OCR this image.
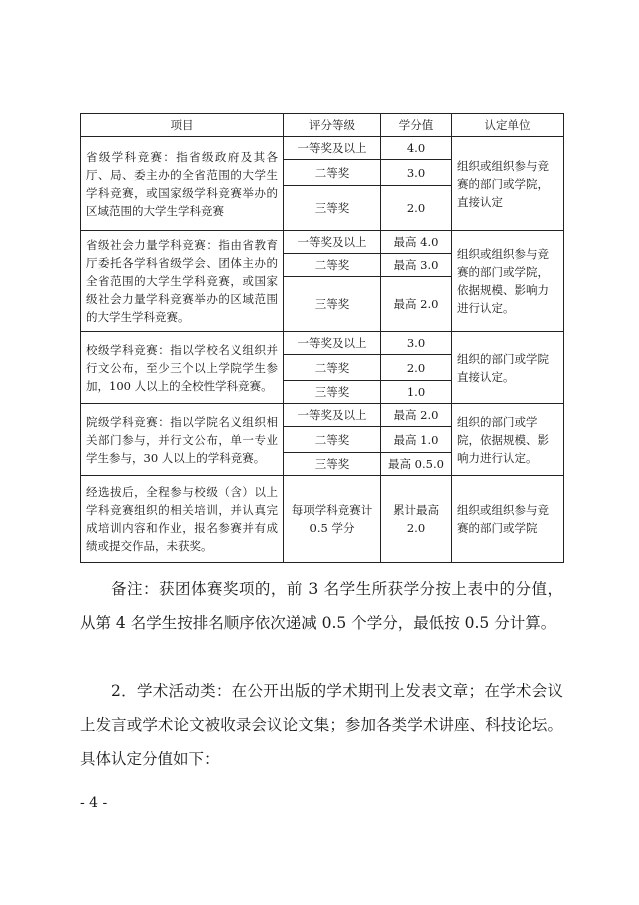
项目	评分等级	学分值	认定单位
省级学科竞赛：指省级政府及其各厅、局、委主办的全省范围的大学生学科竞赛，或国家级学科竞赛举办的区域范围的大学生学科竞赛	一等奖及以上	4.0	组织或组织参与竞赛的部门或学院，直接认定
	二等奖	3.0	
	三等奖	2.0	
省级社会力量学科竞赛：指由省教育厅委托各学科省级学会、团体主办的全省范围的大学生学科竞赛，或国家级社会力量学科竞赛举办的区域范围的大学生学科竞赛。	一等奖及以上	最高 4.0	组织或组织参与竞赛的部门或学院，依据规模、影响力进行认定。
	二等奖	最高 3.0	
	三等奖	最高 2.0	
校级学科竞赛：指以学校名义组织并行文公布，至少三个以上学院学生参加，100 人以上的全校性学科竞赛。	一等奖及以上	3.0	组织的部门或学院直接认定。
	二等奖	2.0	
	三等奖	1.0	
院级学科竞赛：指以学院名义组织相关部门参与，并行文公布，单一专业学生参与，30 人以上的学科竞赛。	一等奖及以上	最高 2.0	组织的部门或学院，依据规模、影响力进行认定。
	二等奖	最高 1.0	
	三等奖	最高 0.5.0	
经选拔后，全程参与校级（含）以上学科竞赛组织的相关培训，并认真完成培训内容和作业，报名参赛并有成绩或提交作品，未获奖。	每项学科竞赛计 0.5 学分	累计最高 2.0	组织或组织参与竞赛的部门或学院

备注：获团体赛奖项的，前 3 名学生所获学分按上表中的分值，从第 4 名学生按排名顺序依次递减 0.5 个学分，最低按 0.5 分计算。

2．学术活动类：在公开出版的学术期刊上发表文章；在学术会议上发言或学术论文被收录会议论文集；参加各类学术讲座、科技论坛。具体认定分值如下：

- 4 -
